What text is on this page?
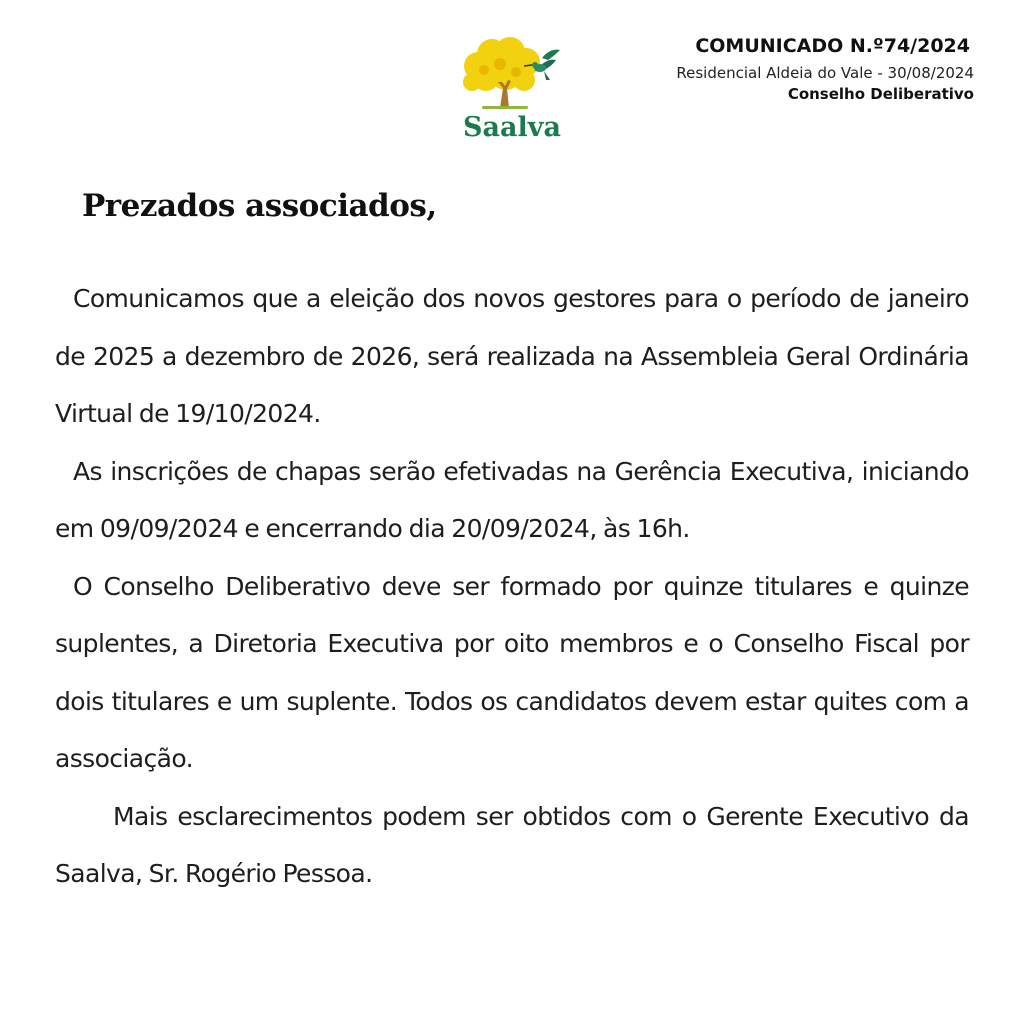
Saalva
COMUNICADO N.º74/2024
Residencial Aldeia do Vale - 30/08/2024
Conselho Deliberativo
Prezados associados,

Comunicamos que a eleição dos novos gestores para o período de janeiro de 2025 a dezembro de 2026, será realizada na Assembleia Geral Ordinária Virtual de 19/10/2024.

As inscrições de chapas serão efetivadas na Gerência Executiva, iniciando em 09/09/2024 e encerrando dia 20/09/2024, às 16h.

O Conselho Deliberativo deve ser formado por quinze titulares e quinze suplentes, a Diretoria Executiva por oito membros e o Conselho Fiscal por dois titulares e um suplente. Todos os candidatos devem estar quites com a associação.

Mais esclarecimentos podem ser obtidos com o Gerente Executivo da Saalva, Sr. Rogério Pessoa.
